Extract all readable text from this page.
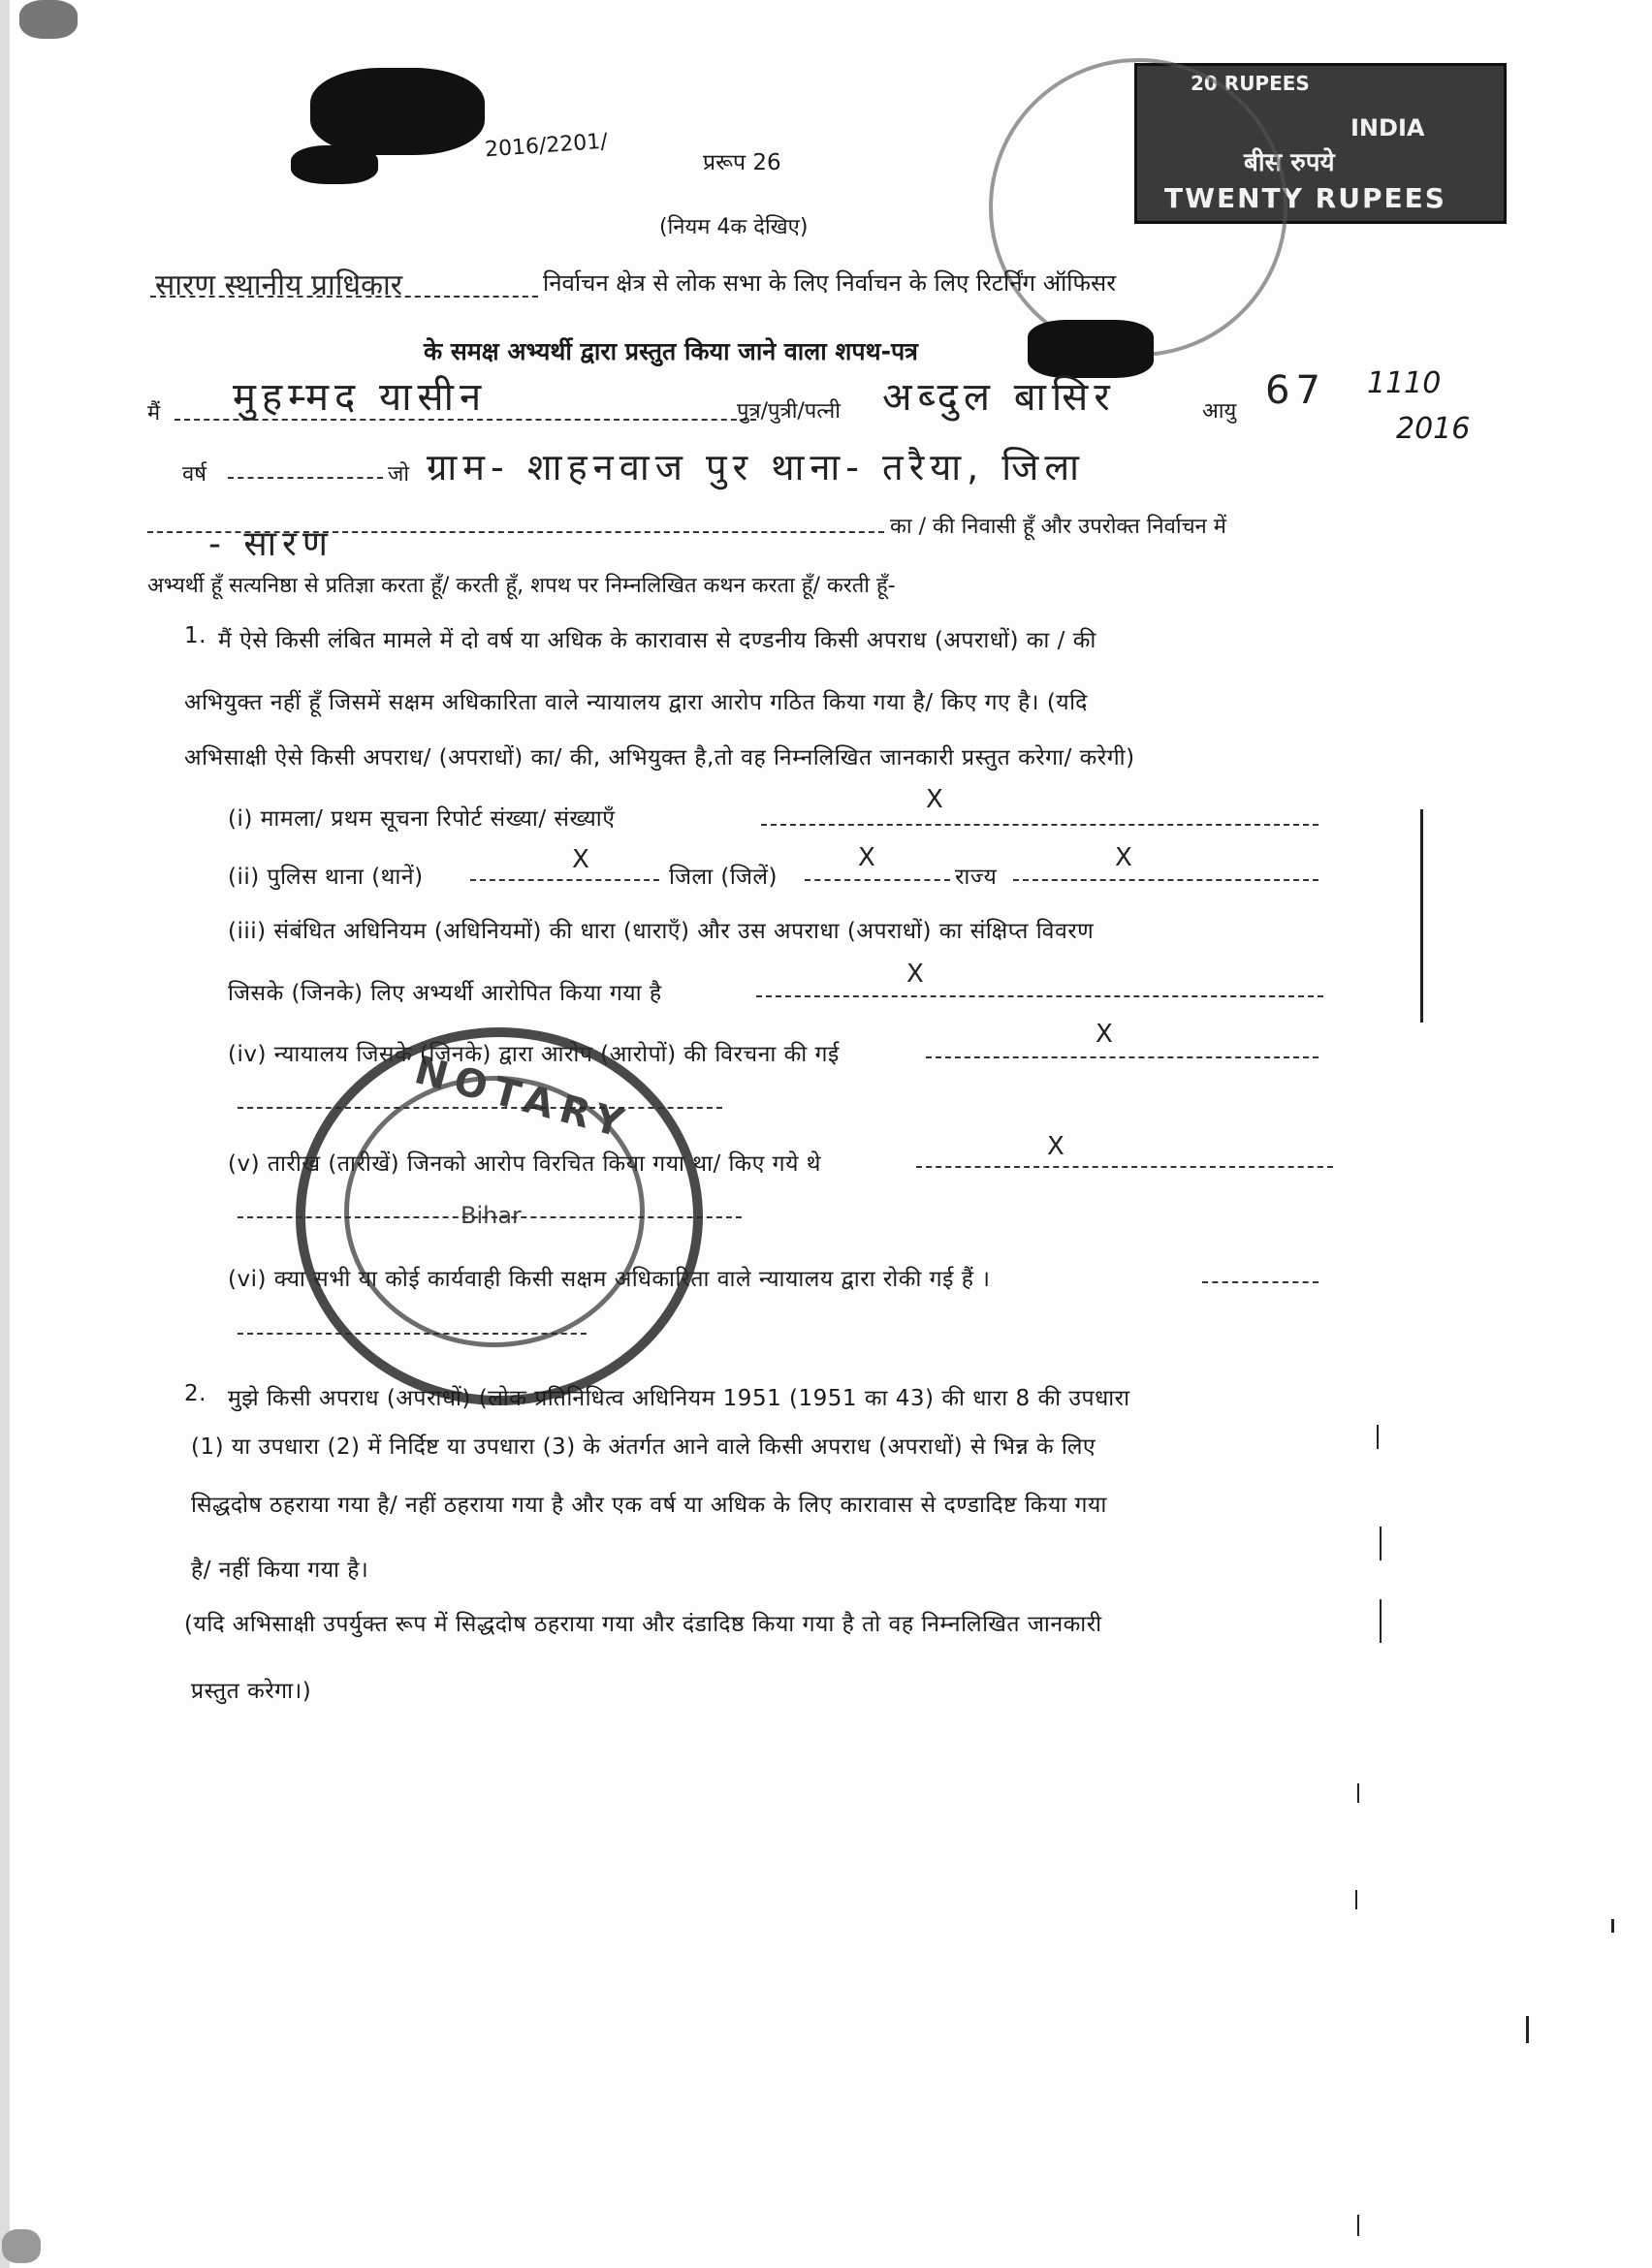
20 RUPEES
INDIA
बीस रुपये
TWENTY RUPEES
2016/2201/
प्ररूप 26
(नियम 4क देखिए)
सारण स्थानीय प्राधिकार	निर्वाचन क्षेत्र से लोक सभा के लिए निर्वाचन के लिए रिटर्निंग ऑफिसर
के समक्ष अभ्यर्थी द्वारा प्रस्तुत किया जाने वाला शपथ-पत्र
मैं मुहम्मद यासीन	पुत्र/पुत्री/पत्नी अब्दुल बासिर	आयु 67 1110
2016
वर्ष	जो ग्राम- शाहनवाज पुर थाना- तरैया, जिला
- सारण	का / की निवासी हूँ और उपरोक्त निर्वाचन में
अभ्यर्थी हूँ सत्यनिष्ठा से प्रतिज्ञा करता हूँ/ करती हूँ, शपथ पर निम्नलिखित कथन करता हूँ/ करती हूँ-
1. मैं ऐसे किसी लंबित मामले में दो वर्ष या अधिक के कारावास से दण्डनीय किसी अपराध (अपराधों) का / की
अभियुक्त नहीं हूँ जिसमें सक्षम अधिकारिता वाले न्यायालय द्वारा आरोप गठित किया गया है/ किए गए है। (यदि
अभिसाक्षी ऐसे किसी अपराध/ (अपराधों) का/ की, अभियुक्त है,तो वह निम्नलिखित जानकारी प्रस्तुत करेगा/ करेगी)
(i) मामला/ प्रथम सूचना रिपोर्ट संख्या/ संख्याएँ
X
(ii) पुलिस थाना (थानें)
X
जिला (जिलें)
X
राज्य
X
(iii) संबंधित अधिनियम (अधिनियमों) की धारा (धाराएँ) और उस अपराधा (अपराधों) का संक्षिप्त विवरण
जिसके (जिनके) लिए अभ्यर्थी आरोपित किया गया है
X
(iv) न्यायालय जिसके (जिनके) द्वारा आरोप (आरोपों) की विरचना की गई
X
(v) तारीख (तारीखें) जिनको आरोप विरचित किया गया था/ किए गये थे
X
(vi) क्या सभी या कोई कार्यवाही किसी सक्षम अधिकारिता वाले न्यायालय द्वारा रोकी गई हैं ।
NOTARY
Bihar
2. मुझे किसी अपराध (अपराधों) (लोक प्रतिनिधित्व अधिनियम 1951 (1951 का 43) की धारा 8 की उपधारा
(1) या उपधारा (2) में निर्दिष्ट या उपधारा (3) के अंतर्गत आने वाले किसी अपराध (अपराधों) से भिन्न के लिए
सिद्धदोष ठहराया गया है/ नहीं ठहराया गया है और एक वर्ष या अधिक के लिए कारावास से दण्डादिष्ट किया गया
है/ नहीं किया गया है।
(यदि अभिसाक्षी उपर्युक्त रूप में सिद्धदोष ठहराया गया और दंडादिष्ठ किया गया है तो वह निम्नलिखित जानकारी
प्रस्तुत करेगा।)
